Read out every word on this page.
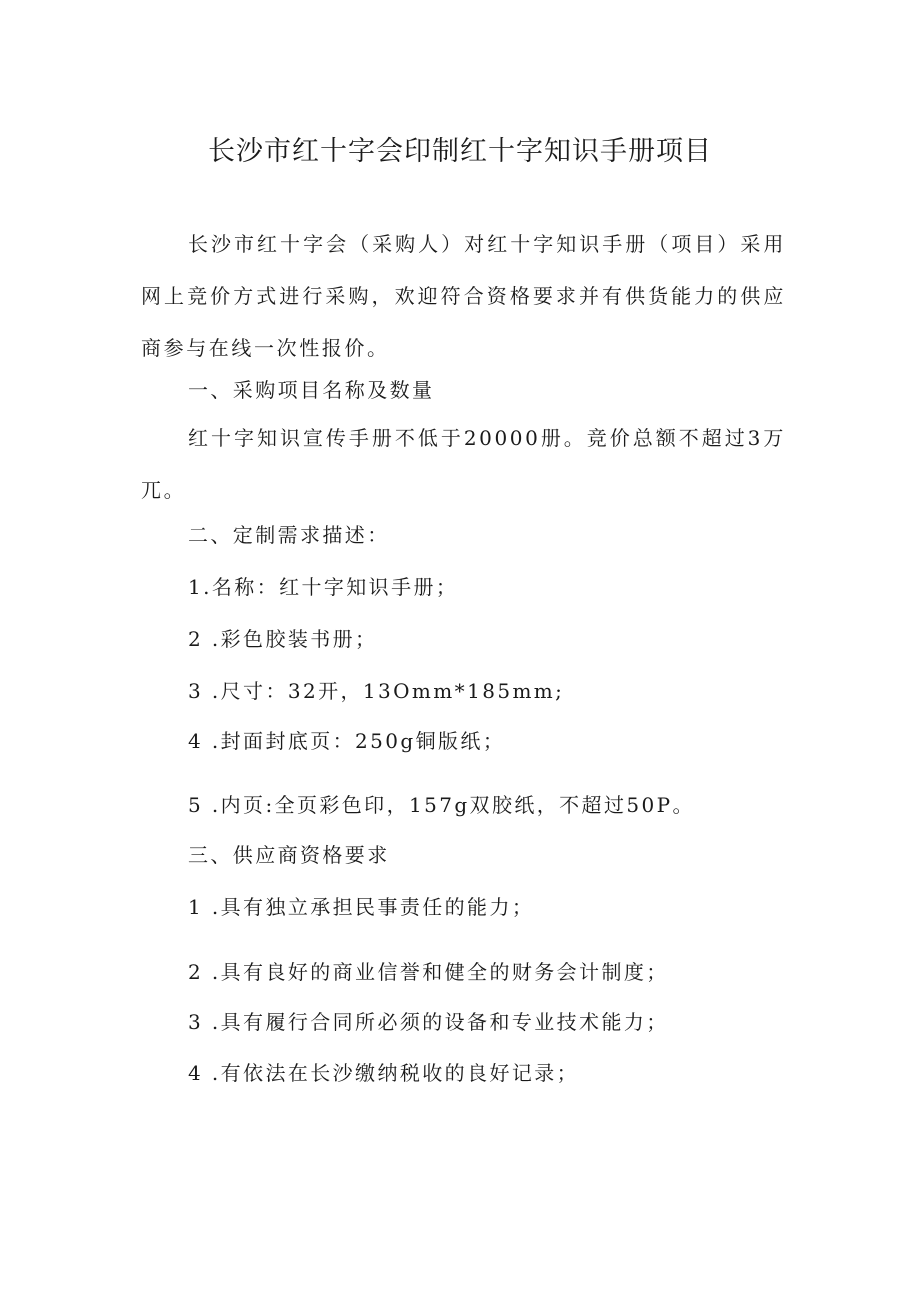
长沙市红十字会印制红十字知识手册项目
长沙市红十字会（采购人）对红十字知识手册（项目）采用网上竞价方式进行采购，欢迎符合资格要求并有供货能力的供应商参与在线一次性报价。
一、采购项目名称及数量
红十字知识宣传手册不低于20000册。竞价总额不超过3万兀。
二、定制需求描述：
1.名称：红十字知识手册；
2 .彩色胶装书册；
3 .尺寸：32开，13Omm*185mm;
4 .封面封底页：250g铜版纸；
5 .内页:全页彩色印，157g双胶纸，不超过50P。
三、供应商资格要求
1 .具有独立承担民事责任的能力；
2 .具有良好的商业信誉和健全的财务会计制度；
3 .具有履行合同所必须的设备和专业技术能力；
4 .有依法在长沙缴纳税收的良好记录；
